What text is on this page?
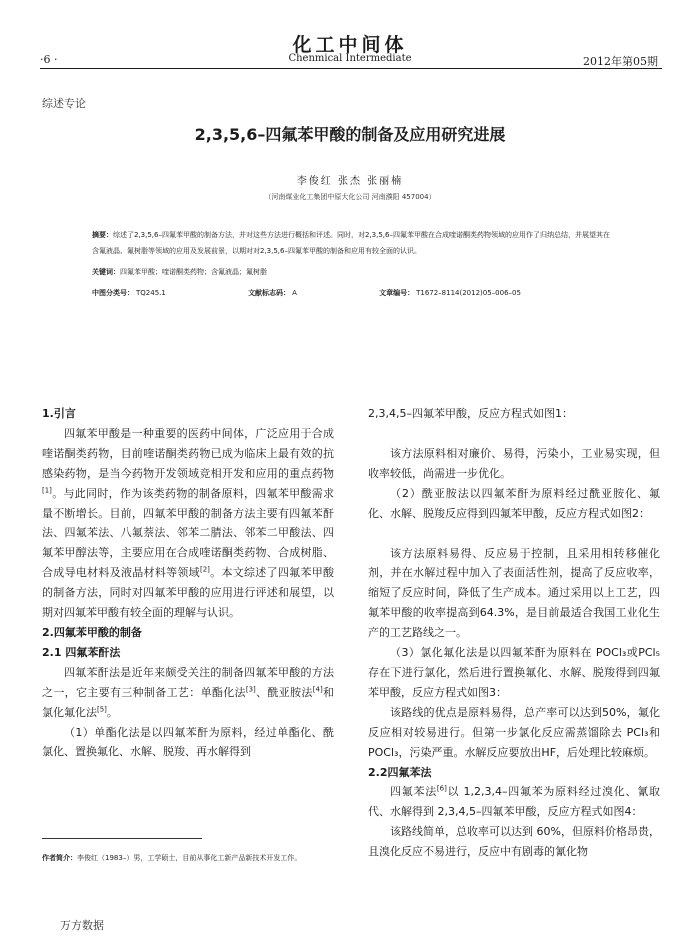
化工中间体
·6 ·	Chenmical Intermediate	2012年第05期
综述专论
2,3,5,6–四氟苯甲酸的制备及应用研究进展
李俊红 张杰 张丽楠
（河南煤业化工集团中原大化公司 河南濮阳 457004）
摘要：综述了2,3,5,6–四氟苯甲酸的制备方法，并对这些方法进行概括和评述。同时，对2,3,5,6–四氟苯甲酸在合成喹诺酮类药物领域的应用作了归纳总结，并展望其在含氟液晶、氟树脂等领域的应用及发展前景，以期对对2,3,5,6–四氟苯甲酸的制备和应用有较全面的认识。
关键词：四氟苯甲酸；喹诺酮类药物；含氟液晶；氟树脂
中图分类号： TQ245.1	文献标志码： A	文章编号： T1672–8114(2012)05–006–05
1.引言

四氟苯甲酸是一种重要的医药中间体，广泛应用于合成喹诺酮类药物，目前喹诺酮类药物已成为临床上最有效的抗感染药物，是当今药物开发领域竞相开发和应用的重点药物[1]。与此同时，作为该类药物的制备原料，四氟苯甲酸需求量不断增长。目前，四氟苯甲酸的制备方法主要有四氟苯酐法、四氟苯法、八氟萘法、邻苯二腈法、邻苯二甲酸法、四氟苯甲醇法等，主要应用在合成喹诺酮类药物、合成树脂、合成导电材料及液晶材料等领域[2]。本文综述了四氟苯甲酸的制备方法，同时对四氟苯甲酸的应用进行评述和展望，以期对四氟苯甲酸有较全面的理解与认识。

2.四氟苯甲酸的制备
2.1 四氟苯酐法

四氟苯酐法是近年来颇受关注的制备四氟苯甲酸的方法之一，它主要有三种制备工艺：单酯化法[3]、酰亚胺法[4]和氯化氟化法[5]。

（1）单酯化法是以四氟苯酐为原料，经过单酯化、酰氯化、置换氟化、水解、脱羧、再水解得到

2,3,4,5–四氟苯甲酸，反应方程式如图1：

该方法原料相对廉价、易得，污染小，工业易实现，但收率较低，尚需进一步优化。

（2）酰亚胺法以四氟苯酐为原料经过酰亚胺化、氟化、水解、脱羧反应得到四氟苯甲酸，反应方程式如图2：

该方法原料易得、反应易于控制，且采用相转移催化剂，并在水解过程中加入了表面活性剂，提高了反应收率，缩短了反应时间，降低了生产成本。通过采用以上工艺，四氟苯甲酸的收率提高到64.3%，是目前最适合我国工业化生产的工艺路线之一。

（3）氯化氟化法是以四氟苯酐为原料在 POCl₃或PCl₅存在下进行氯化，然后进行置换氟化、水解、脱羧得到四氟苯甲酸，反应方程式如图3：

该路线的优点是原料易得，总产率可以达到50%，氟化反应相对较易进行。但第一步氯化反应需蒸馏除去 PCl₃和 POCl₃，污染严重。水解反应要放出HF，后处理比较麻烦。

2.2四氟苯法

四氟苯法[6]以 1,2,3,4–四氟苯为原料经过溴化、氰取代、水解得到 2,3,4,5–四氟苯甲酸，反应方程式如图4：

该路线简单，总收率可以达到 60%，但原料价格昂贵，且溴化反应不易进行，反应中有剧毒的氰化物

作者简介：李俊红（1983–）男，工学硕士，目前从事化工新产品新技术开发工作。
万方数据
